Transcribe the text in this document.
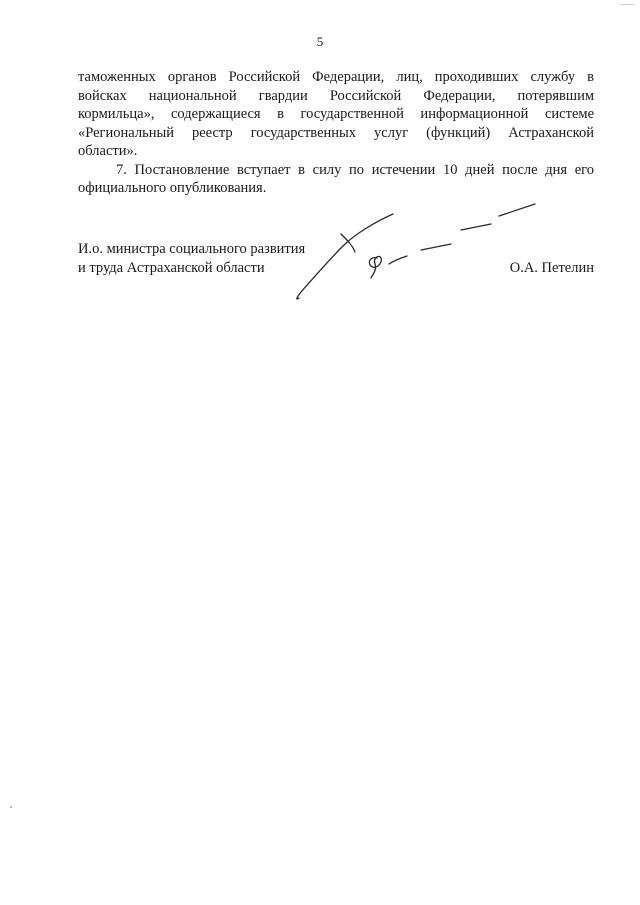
5
таможенных органов Российской Федерации, лиц, проходивших службу в
войсках национальной гвардии Российской Федерации, потерявшим
кормильца», содержащиеся в государственной информационной системе
«Региональный реестр государственных услуг (функций) Астраханской
области».
7. Постановление вступает в силу по истечении 10 дней после дня его
официального опубликования.
И.о. министра социального развития
и труда Астраханской области	О.А. Петелин
